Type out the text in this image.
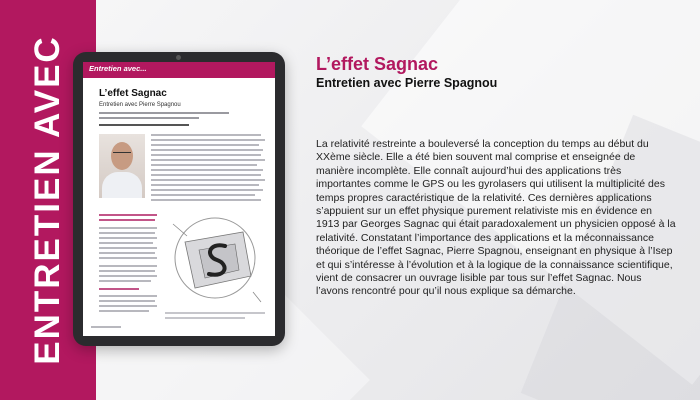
ENTRETIEN AVEC	Entretien avec...
L’effet Sagnac
Entretien avec Pierre Spagnou
L’effet Sagnac
Entretien avec Pierre Spagnou
La relativité restreinte a bouleversé la conception du temps au début du XXème siècle. Elle a été bien souvent mal comprise et enseignée de manière incomplète. Elle connaît aujourd’hui des applications très importantes comme le GPS ou les gyrolasers qui utilisent la multiplicité des temps propres caractéristique de la relativité. Ces dernières applications s’appuient sur un effet physique purement relativiste mis en évidence en 1913 par Georges Sagnac qui était paradoxalement un physicien opposé à la relativité. Constatant l’importance des applications et la méconnaissance théorique de l’effet Sagnac, Pierre Spagnou, enseignant en physique à l’Isep et qui s’intéresse à l’évolution et à la logique de la connaissance scientifique, vient de consacrer un ouvrage lisible par tous sur l’effet Sagnac. Nous l’avons rencontré pour qu’il nous explique sa démarche.
